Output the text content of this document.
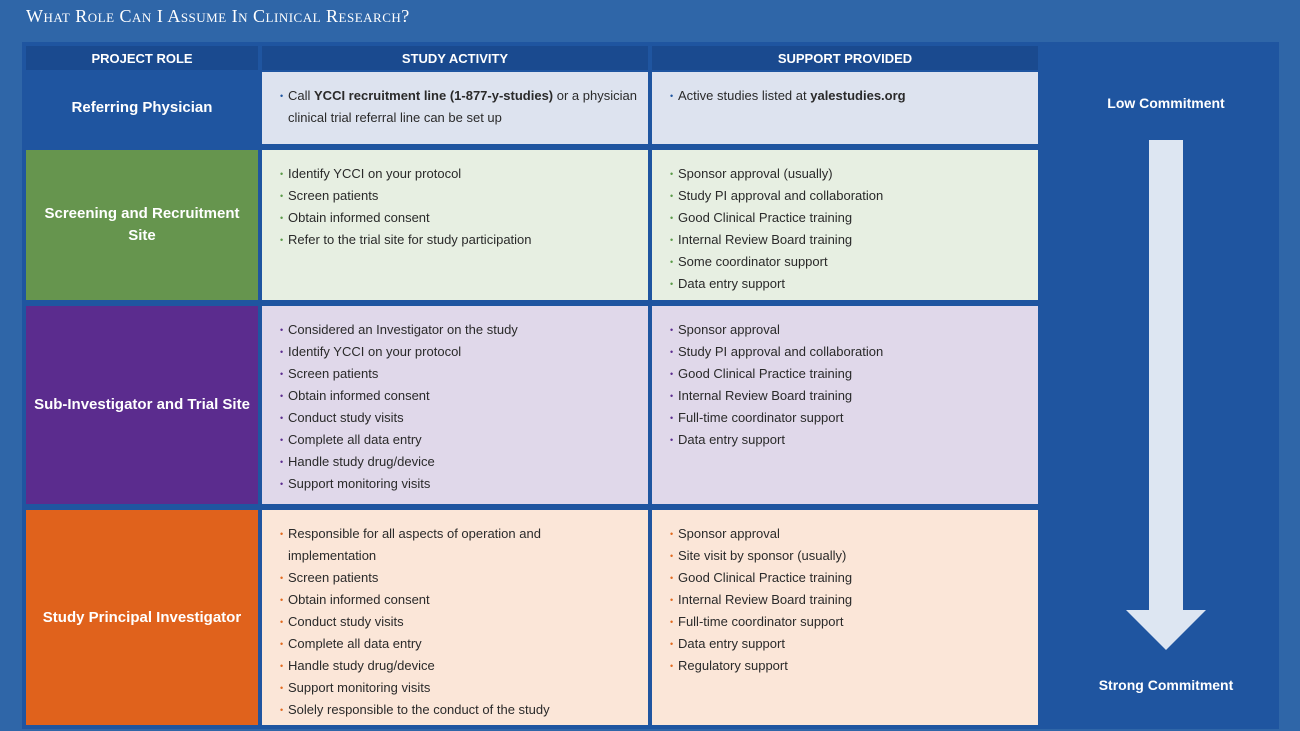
What Role Can I Assume In Clinical Research?
PROJECT ROLE	STUDY ACTIVITY	SUPPORT PROVIDED
Referring Physician
• Call YCCI recruitment line (1-877-y-studies) or a physician clinical trial referral line can be set up
• Active studies listed at yalestudies.org
Screening and Recruitment Site
• Identify YCCI on your protocol
• Screen patients
• Obtain informed consent
• Refer to the trial site for study participation
• Sponsor approval (usually)
• Study PI approval and collaboration
• Good Clinical Practice training
• Internal Review Board training
• Some coordinator support
• Data entry support
Sub-Investigator and Trial Site
• Considered an Investigator on the study
• Identify YCCI on your protocol
• Screen patients
• Obtain informed consent
• Conduct study visits
• Complete all data entry
• Handle study drug/device
• Support monitoring visits
• Sponsor approval
• Study PI approval and collaboration
• Good Clinical Practice training
• Internal Review Board training
• Full-time coordinator support
• Data entry support
Study Principal Investigator
• Responsible for all aspects of operation and implementation
• Screen patients
• Obtain informed consent
• Conduct study visits
• Complete all data entry
• Handle study drug/device
• Support monitoring visits
• Solely responsible to the conduct of the study
• Sponsor approval
• Site visit by sponsor (usually)
• Good Clinical Practice training
• Internal Review Board training
• Full-time coordinator support
• Data entry support
• Regulatory support
Low Commitment
Strong Commitment
